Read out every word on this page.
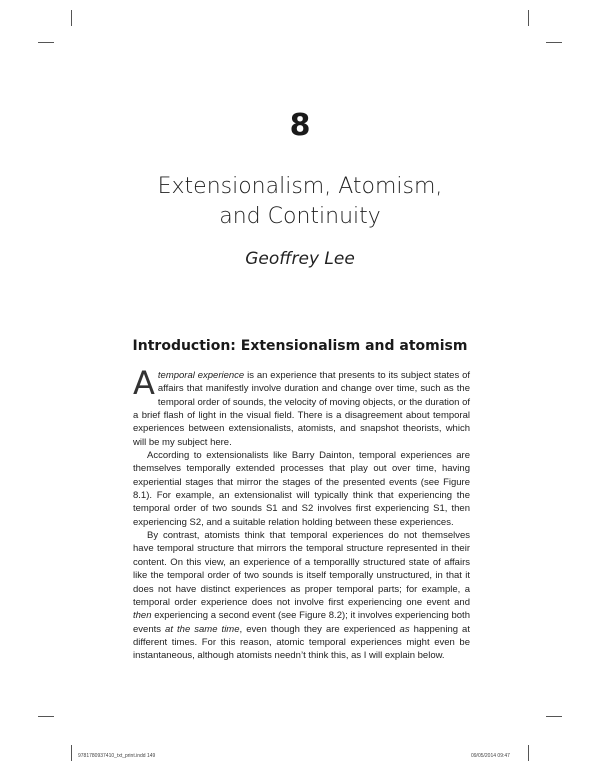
8
Extensionalism, Atomism,
and Continuity
Geoffrey Lee
Introduction: Extensionalism and atomism

A temporal experience is an experience that presents to its subject states of affairs that manifestly involve duration and change over time, such as the temporal order of sounds, the velocity of moving objects, or the duration of a brief flash of light in the visual field. There is a disagreement about temporal experiences between extensionalists, atomists, and snapshot theorists, which will be my subject here.

According to extensionalists like Barry Dainton, temporal experiences are themselves temporally extended processes that play out over time, having experiential stages that mirror the stages of the presented events (see Figure 8.1). For example, an extensionalist will typically think that experiencing the temporal order of two sounds S1 and S2 involves first experiencing S1, then experiencing S2, and a suitable relation holding between these experiences.

By contrast, atomists think that temporal experiences do not themselves have temporal structure that mirrors the temporal structure represented in their content. On this view, an experience of a temporallly structured state of affairs like the temporal order of two sounds is itself temporally unstructured, in that it does not have distinct experiences as proper temporal parts; for example, a temporal order experience does not involve first experiencing one event and then experiencing a second event (see Figure 8.2); it involves experiencing both events at the same time, even though they are experienced as happening at different times. For this reason, atomic temporal experiences might even be instantaneous, although atomists needn’t think this, as I will explain below.

9781780937410_txt_print.indd 149	09/05/2014 09:47
